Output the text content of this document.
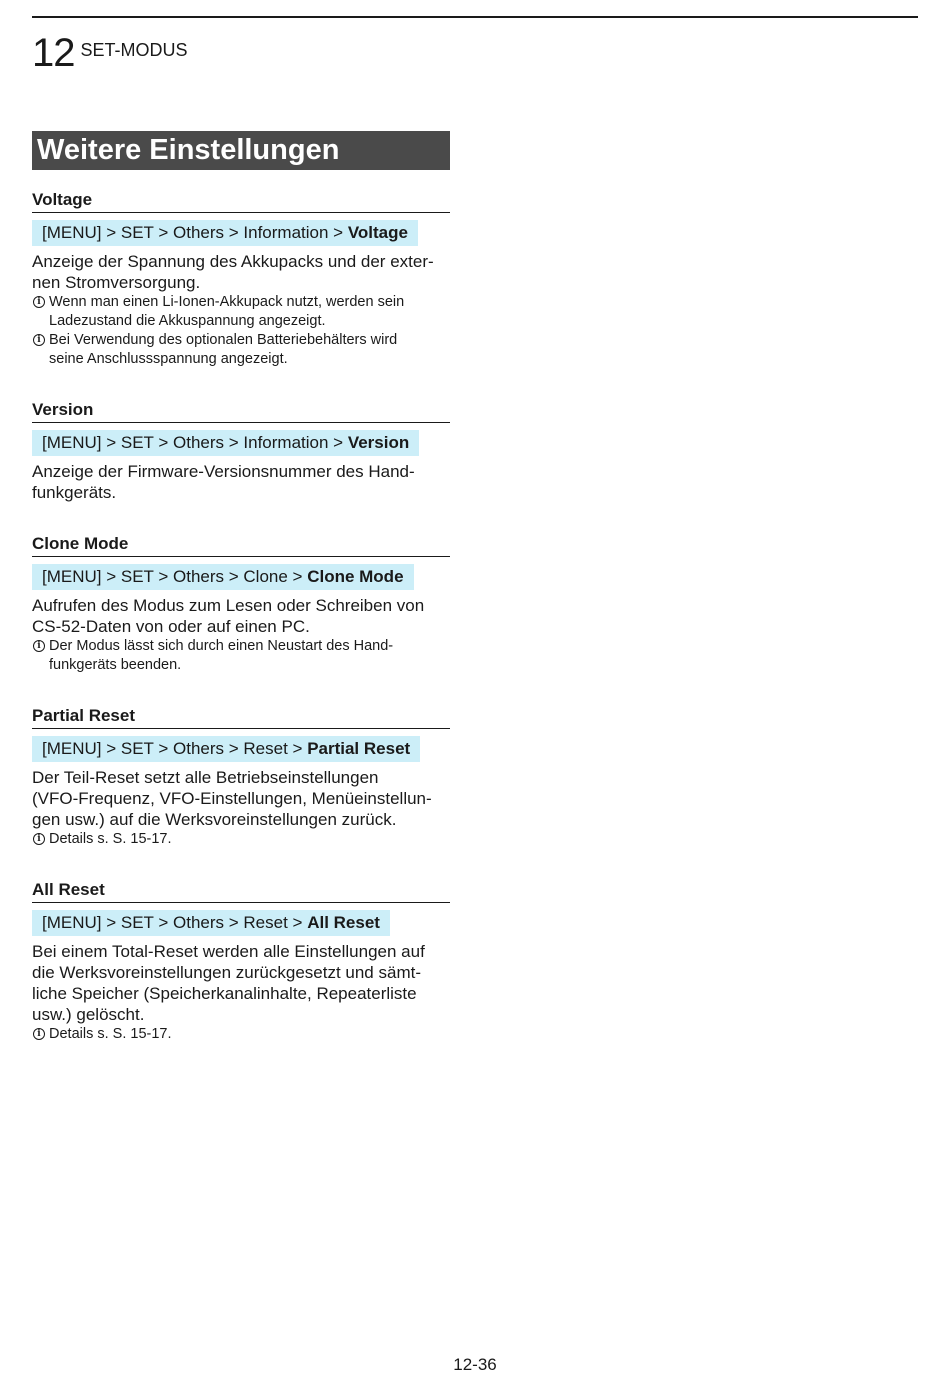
12 SET-MODUS
Weitere Einstellungen
Voltage
[MENU] > SET > Others > Information > Voltage
Anzeige der Spannung des Akkupacks und der exter-
nen Stromversorgung.
i Wenn man einen Li-Ionen-Akkupack nutzt, werden sein
Ladezustand die Akkuspannung angezeigt.
i Bei Verwendung des optionalen Batteriebehälters wird
seine Anschlussspannung angezeigt.
Version
[MENU] > SET > Others > Information > Version
Anzeige der Firmware-Versionsnummer des Hand-
funkgeräts.
Clone Mode
[MENU] > SET > Others > Clone > Clone Mode
Aufrufen des Modus zum Lesen oder Schreiben von
CS-52-Daten von oder auf einen PC.
i Der Modus lässt sich durch einen Neustart des Hand-
funkgeräts beenden.
Partial Reset
[MENU] > SET > Others > Reset > Partial Reset
Der Teil-Reset setzt alle Betriebseinstellungen
(VFO-Frequenz, VFO-Einstellungen, Menüeinstellun-
gen usw.) auf die Werksvoreinstellungen zurück.
i Details s. S. 15-17.
All Reset
[MENU] > SET > Others > Reset > All Reset
Bei einem Total-Reset werden alle Einstellungen auf
die Werksvoreinstellungen zurückgesetzt und sämt-
liche Speicher (Speicherkanalinhalte, Repeaterliste
usw.) gelöscht.
i Details s. S. 15-17.
12-36
